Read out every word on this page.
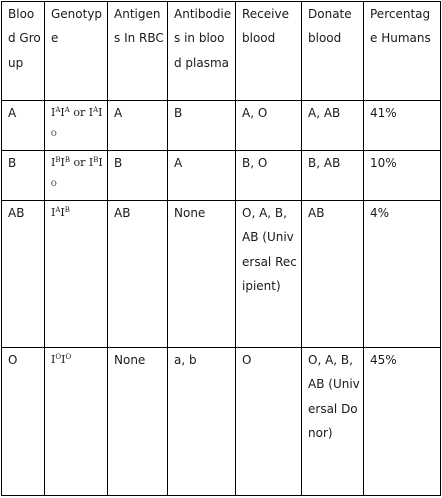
Blood Group	Genotype	Antigens In RBC	Antibodies in blood plasma	Receive blood	Donate blood	Percentage Humans
A	$I^AI^A$ or $I^AI^O$	A	B	A, O	A, AB	41%
B	$I^BI^B$ or $I^BI^O$	B	A	B, O	B, AB	10%
AB	$I^AI^B$	AB	None	O, A, B, AB (Universal Recipient)	AB	4%
O	$I^OI^O$	None	a, b	O	O, A, B, AB (Universal Donor)	45%
